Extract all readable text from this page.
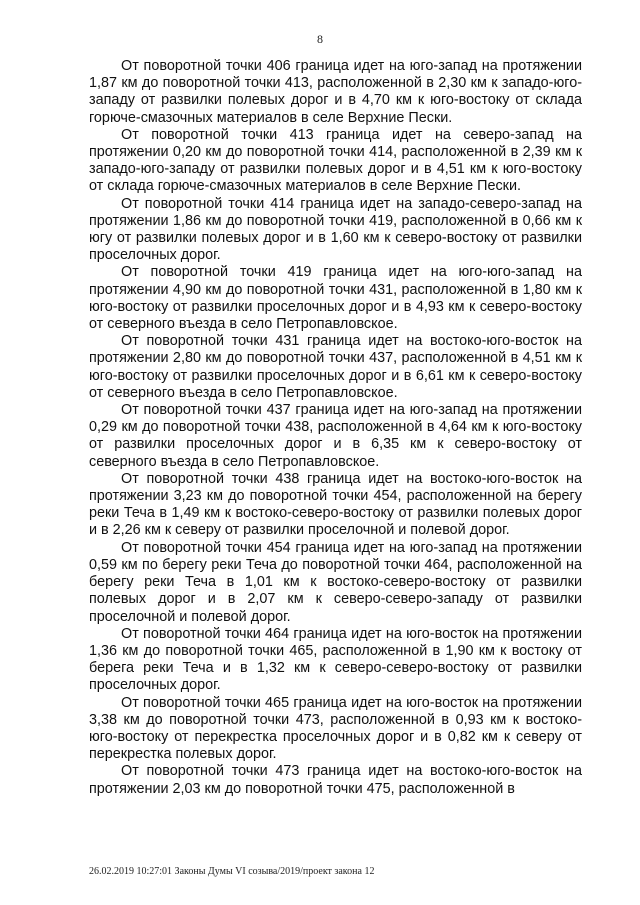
8

От поворотной точки 406 граница идет на юго-запад на протяжении 1,87 км до поворотной точки 413, расположенной в 2,30 км к западо-юго-западу от развилки полевых дорог и в 4,70 км к юго-востоку от склада горюче-смазочных материалов в селе Верхние Пески.

От поворотной точки 413 граница идет на северо-запад на протяжении 0,20 км до поворотной точки 414, расположенной в 2,39 км к западо-юго-западу от развилки полевых дорог и в 4,51 км к юго-востоку от склада горюче-смазочных материалов в селе Верхние Пески.

От поворотной точки 414 граница идет на западо-северо-запад на протяжении 1,86 км до поворотной точки 419, расположенной в 0,66 км к югу от развилки полевых дорог и в 1,60 км к северо-востоку от развилки проселочных дорог.

От поворотной точки 419 граница идет на юго-юго-запад на протяжении 4,90 км до поворотной точки 431, расположенной в 1,80 км к юго-востоку от развилки проселочных дорог и в 4,93 км к северо-востоку от северного въезда в село Петропавловское.

От поворотной точки 431 граница идет на востоко-юго-восток на протяжении 2,80 км до поворотной точки 437, расположенной в 4,51 км к юго-востоку от развилки проселочных дорог и в 6,61 км к северо-востоку от северного въезда в село Петропавловское.

От поворотной точки 437 граница идет на юго-запад на протяжении 0,29 км до поворотной точки 438, расположенной в 4,64 км к юго-востоку от развилки проселочных дорог и в 6,35 км к северо-востоку от северного въезда в село Петропавловское.

От поворотной точки 438 граница идет на востоко-юго-восток на протяжении 3,23 км до поворотной точки 454, расположенной на берегу реки Теча в 1,49 км к востоко-северо-востоку от развилки полевых дорог и в 2,26 км к северу от развилки проселочной и полевой дорог.

От поворотной точки 454 граница идет на юго-запад на протяжении 0,59 км по берегу реки Теча до поворотной точки 464, расположенной на берегу реки Теча в 1,01 км к востоко-северо-востоку от развилки полевых дорог и в 2,07 км к северо-северо-западу от развилки проселочной и полевой дорог.

От поворотной точки 464 граница идет на юго-восток на протяжении 1,36 км до поворотной точки 465, расположенной в 1,90 км к востоку от берега реки Теча и в 1,32 км к северо-северо-востоку от развилки проселочных дорог.

От поворотной точки 465 граница идет на юго-восток на протяжении 3,38 км до поворотной точки 473, расположенной в 0,93 км к востоко-юго-востоку от перекрестка проселочных дорог и в 0,82 км к северу от перекрестка полевых дорог.

От поворотной точки 473 граница идет на востоко-юго-восток на протяжении 2,03 км до поворотной точки 475, расположенной в

26.02.2019 10:27:01 Законы Думы VI созыва/2019/проект закона 12
